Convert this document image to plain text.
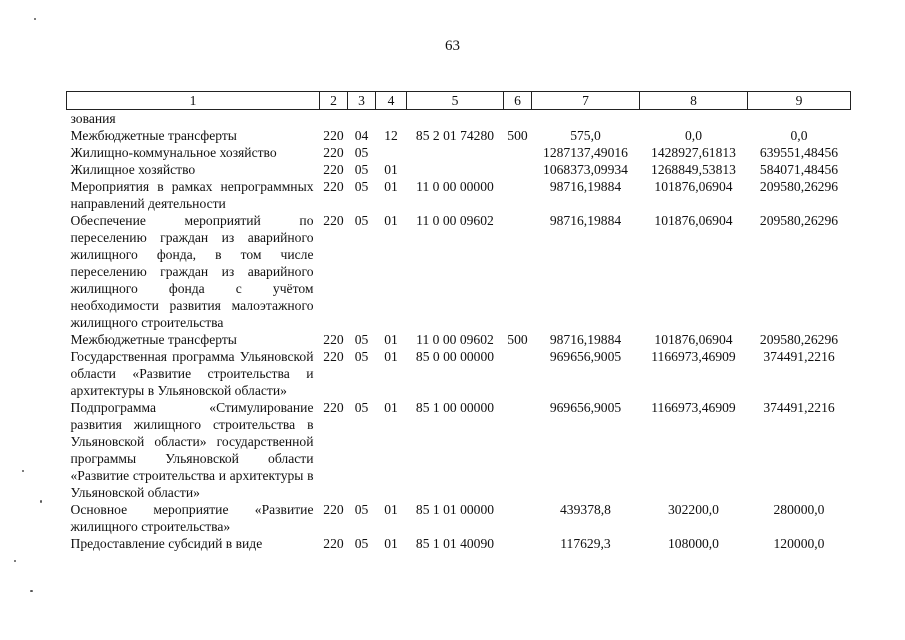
63
1	2	3	4	5	6	7	8	9
зования								
Межбюджетные трансферты	220	04	12	85 2 01 74280	500	575,0	0,0	0,0
Жилищно-коммунальное хозяйство	220	05				1287137,49016	1428927,61813	639551,48456
Жилищное хозяйство	220	05	01			1068373,09934	1268849,53813	584071,48456
Мероприятия в рамках непрограммных направлений деятельности	220	05	01	11 0 00 00000		98716,19884	101876,06904	209580,26296
Обеспечение мероприятий по переселению граждан из аварийного жилищного фонда, в том числе переселению граждан из аварийного жилищного фонда с учётом необходимости развития малоэтажного жилищного строительства	220	05	01	11 0 00 09602		98716,19884	101876,06904	209580,26296
Межбюджетные трансферты	220	05	01	11 0 00 09602	500	98716,19884	101876,06904	209580,26296
Государственная программа Ульяновской области «Развитие строительства и архитектуры в Ульяновской области»	220	05	01	85 0 00 00000		969656,9005	1166973,46909	374491,2216
Подпрограмма «Стимулирование развития жилищного строительства в Ульяновской области» государственной программы Ульяновской области «Развитие строительства и архитектуры в Ульяновской области»	220	05	01	85 1 00 00000		969656,9005	1166973,46909	374491,2216
Основное мероприятие «Развитие жилищного строительства»	220	05	01	85 1 01 00000		439378,8	302200,0	280000,0
Предоставление субсидий в виде	220	05	01	85 1 01 40090		117629,3	108000,0	120000,0
